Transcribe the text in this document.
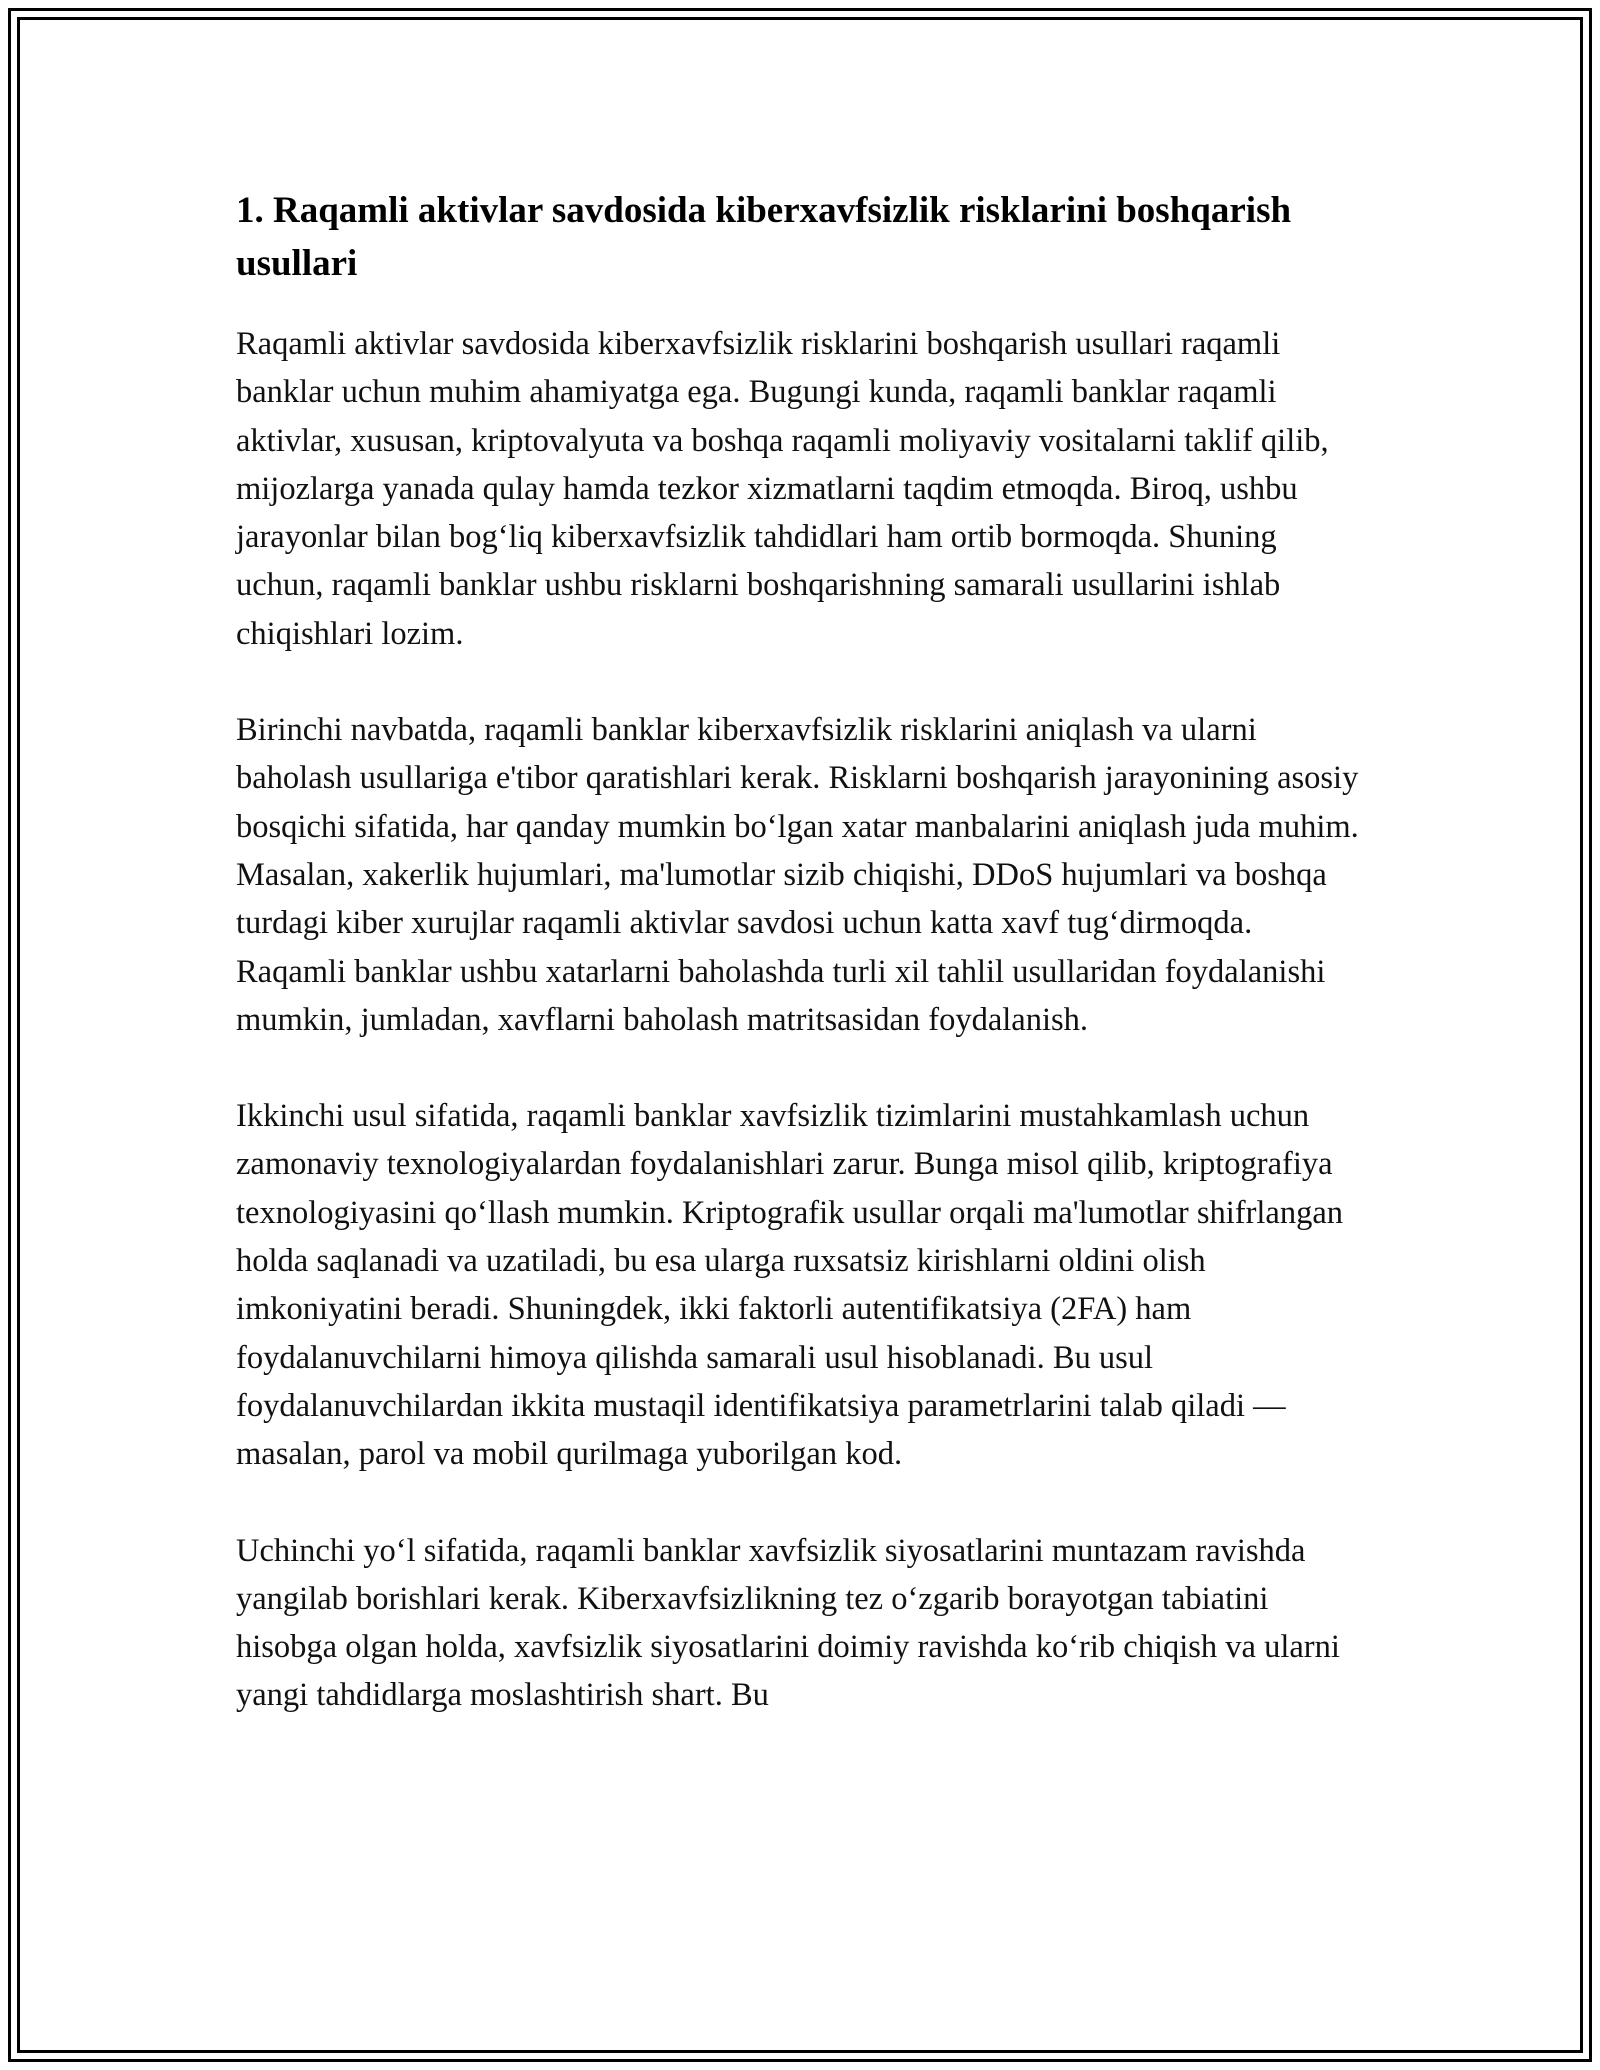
1. Raqamli aktivlar savdosida kiberxavfsizlik risklarini boshqarish usullari

Raqamli aktivlar savdosida kiberxavfsizlik risklarini boshqarish usullari raqamli banklar uchun muhim ahamiyatga ega. Bugungi kunda, raqamli banklar raqamli aktivlar, xususan, kriptovalyuta va boshqa raqamli moliyaviy vositalarni taklif qilib, mijozlarga yanada qulay hamda tezkor xizmatlarni taqdim etmoqda. Biroq, ushbu jarayonlar bilan bog‘liq kiberxavfsizlik tahdidlari ham ortib bormoqda. Shuning uchun, raqamli banklar ushbu risklarni boshqarishning samarali usullarini ishlab chiqishlari lozim.

Birinchi navbatda, raqamli banklar kiberxavfsizlik risklarini aniqlash va ularni baholash usullariga e'tibor qaratishlari kerak. Risklarni boshqarish jarayonining asosiy bosqichi sifatida, har qanday mumkin bo‘lgan xatar manbalarini aniqlash juda muhim. Masalan, xakerlik hujumlari, ma'lumotlar sizib chiqishi, DDoS hujumlari va boshqa turdagi kiber xurujlar raqamli aktivlar savdosi uchun katta xavf tug‘dirmoqda. Raqamli banklar ushbu xatarlarni baholashda turli xil tahlil usullaridan foydalanishi mumkin, jumladan, xavflarni baholash matritsasidan foydalanish.

Ikkinchi usul sifatida, raqamli banklar xavfsizlik tizimlarini mustahkamlash uchun zamonaviy texnologiyalardan foydalanishlari zarur. Bunga misol qilib, kriptografiya texnologiyasini qo‘llash mumkin. Kriptografik usullar orqali ma'lumotlar shifrlangan holda saqlanadi va uzatiladi, bu esa ularga ruxsatsiz kirishlarni oldini olish imkoniyatini beradi. Shuningdek, ikki faktorli autentifikatsiya (2FA) ham foydalanuvchilarni himoya qilishda samarali usul hisoblanadi. Bu usul foydalanuvchilardan ikkita mustaqil identifikatsiya parametrlarini talab qiladi — masalan, parol va mobil qurilmaga yuborilgan kod.

Uchinchi yo‘l sifatida, raqamli banklar xavfsizlik siyosatlarini muntazam ravishda yangilab borishlari kerak. Kiberxavfsizlikning tez o‘zgarib borayotgan tabiatini hisobga olgan holda, xavfsizlik siyosatlarini doimiy ravishda ko‘rib chiqish va ularni yangi tahdidlarga moslashtirish shart. Bu
